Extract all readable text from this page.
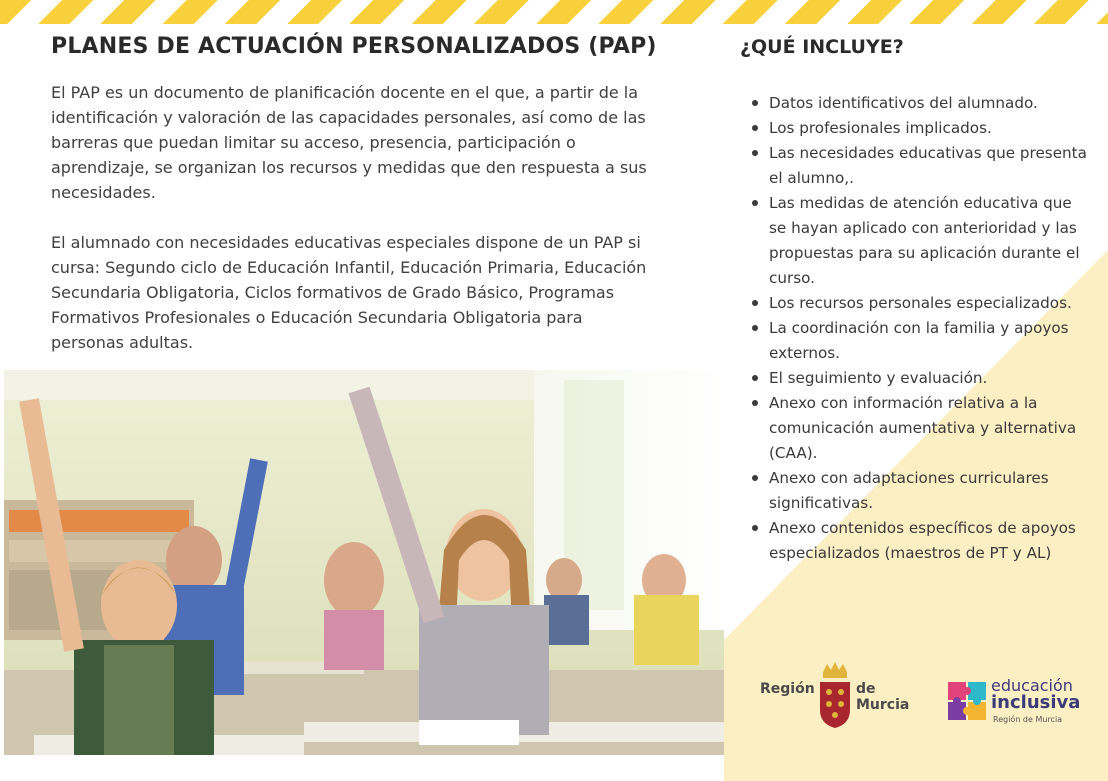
PLANES DE ACTUACIÓN PERSONALIZADOS (PAP)

El PAP es un documento de planificación docente en el que, a partir de la identificación y valoración de las capacidades personales, así como de las barreras que puedan limitar su acceso, presencia, participación o aprendizaje, se organizan los recursos y medidas que den respuesta a sus necesidades.

El alumnado con necesidades educativas especiales dispone de un PAP si cursa: Segundo ciclo de Educación Infantil, Educación Primaria, Educación Secundaria Obligatoria, Ciclos formativos de Grado Básico, Programas Formativos Profesionales o Educación Secundaria Obligatoria para personas adultas.

¿QUÉ INCLUYE?
Datos identificativos del alumnado.
Los profesionales implicados.
Las necesidades educativas que presenta el alumno,.
Las medidas de atención educativa que se hayan aplicado con anterioridad y las propuestas para su aplicación durante el curso.
Los recursos personales especializados.
La coordinación con la familia y apoyos externos.
El seguimiento y evaluación.
Anexo con información relativa a la comunicación aumentativa y alternativa (CAA).
Anexo con adaptaciones curriculares significativas.
Anexo contenidos específicos de apoyos especializados (maestros de PT y AL)
Región	de Murcia
educación
inclusiva
Región de Murcia
